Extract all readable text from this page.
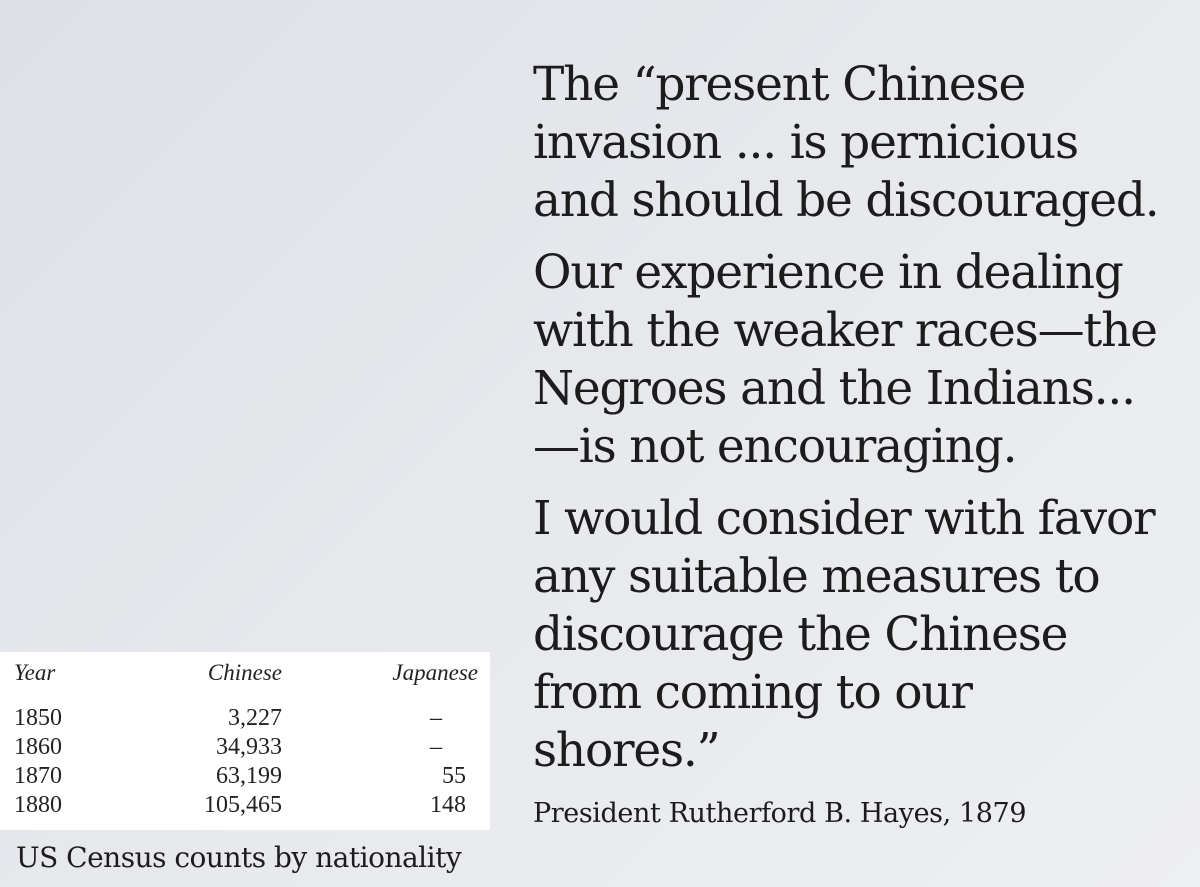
The “present Chinese
invasion ... is pernicious
and should be discouraged.

Our experience in dealing
with the weaker races—the
Negroes and the Indians...
—is not encouraging.

I would consider with favor
any suitable measures to
discourage the Chinese
from coming to our
shores.”

President Rutherford B. Hayes, 1879
Year	Chinese	Japanese
1850	3,227	–
1860	34,933	–
1870	63,199	55
1880	105,465	148
US Census counts by nationality
